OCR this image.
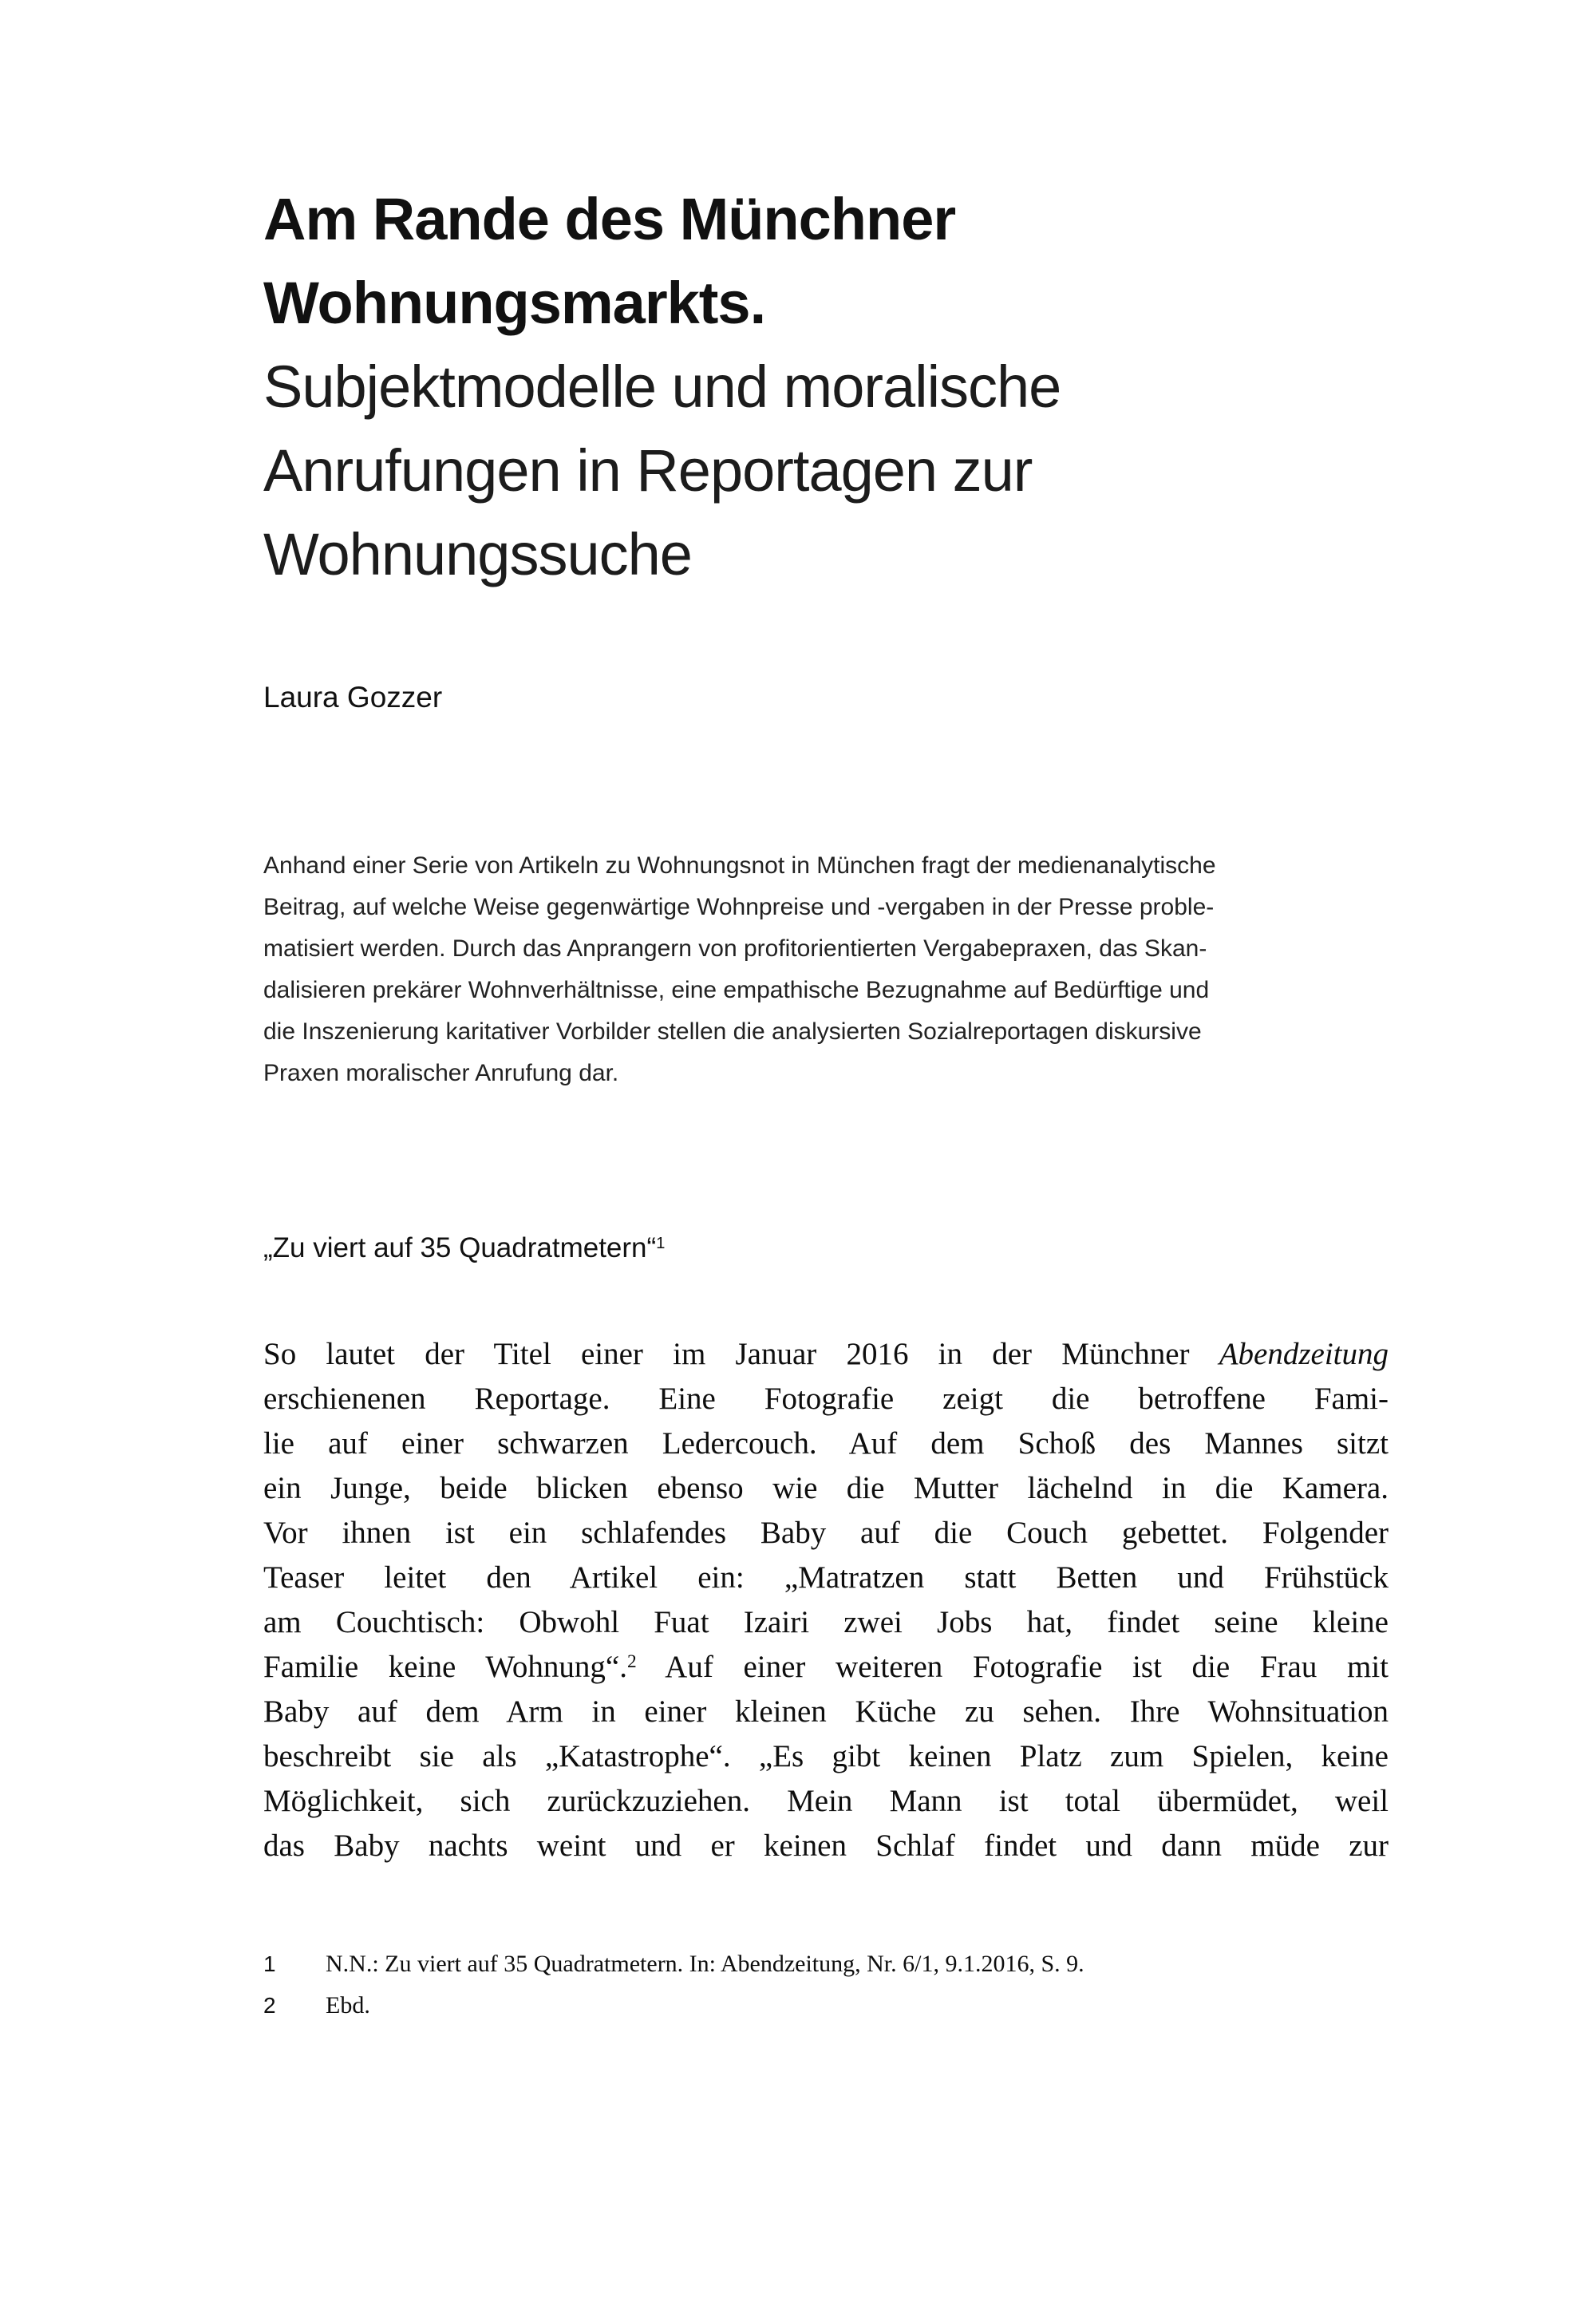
Am Rande des Münchner
Wohnungsmarkts.
Subjektmodelle und moralische
Anrufungen in Reportagen zur
Wohnungssuche
Laura Gozzer
Anhand einer Serie von Artikeln zu Wohnungsnot in München fragt der medienanalytische
Beitrag, auf welche Weise gegenwärtige Wohnpreise und -vergaben in der Presse proble-
matisiert werden. Durch das Anprangern von profitorientierten Vergabepraxen, das Skan-
dalisieren prekärer Wohnverhältnisse, eine empathische Bezugnahme auf Bedürftige und
die Inszenierung karitativer Vorbilder stellen die analysierten Sozialreportagen diskursive
Praxen moralischer Anrufung dar.
„Zu viert auf 35 Quadratmetern“$^1$
So lautet der Titel einer im Januar 2016 in der Münchner Abendzeitung
erschienenen Reportage. Eine Fotografie zeigt die betroffene Fami-
lie auf einer schwarzen Ledercouch. Auf dem Schoß des Mannes sitzt
ein Junge, beide blicken ebenso wie die Mutter lächelnd in die Kamera.
Vor ihnen ist ein schlafendes Baby auf die Couch gebettet. Folgender
Teaser leitet den Artikel ein: „Matratzen statt Betten und Frühstück
am Couchtisch: Obwohl Fuat Izairi zwei Jobs hat, findet seine kleine
Familie keine Wohnung“.$^2$ Auf einer weiteren Fotografie ist die Frau mit
Baby auf dem Arm in einer kleinen Küche zu sehen. Ihre Wohnsituation
beschreibt sie als „Katastrophe“. „Es gibt keinen Platz zum Spielen, keine
Möglichkeit, sich zurückzuziehen. Mein Mann ist total übermüdet, weil
das Baby nachts weint und er keinen Schlaf findet und dann müde zur
1	N.N.: Zu viert auf 35 Quadratmetern. In: Abendzeitung, Nr. 6/1, 9.1.2016, S. 9.
2	Ebd.
